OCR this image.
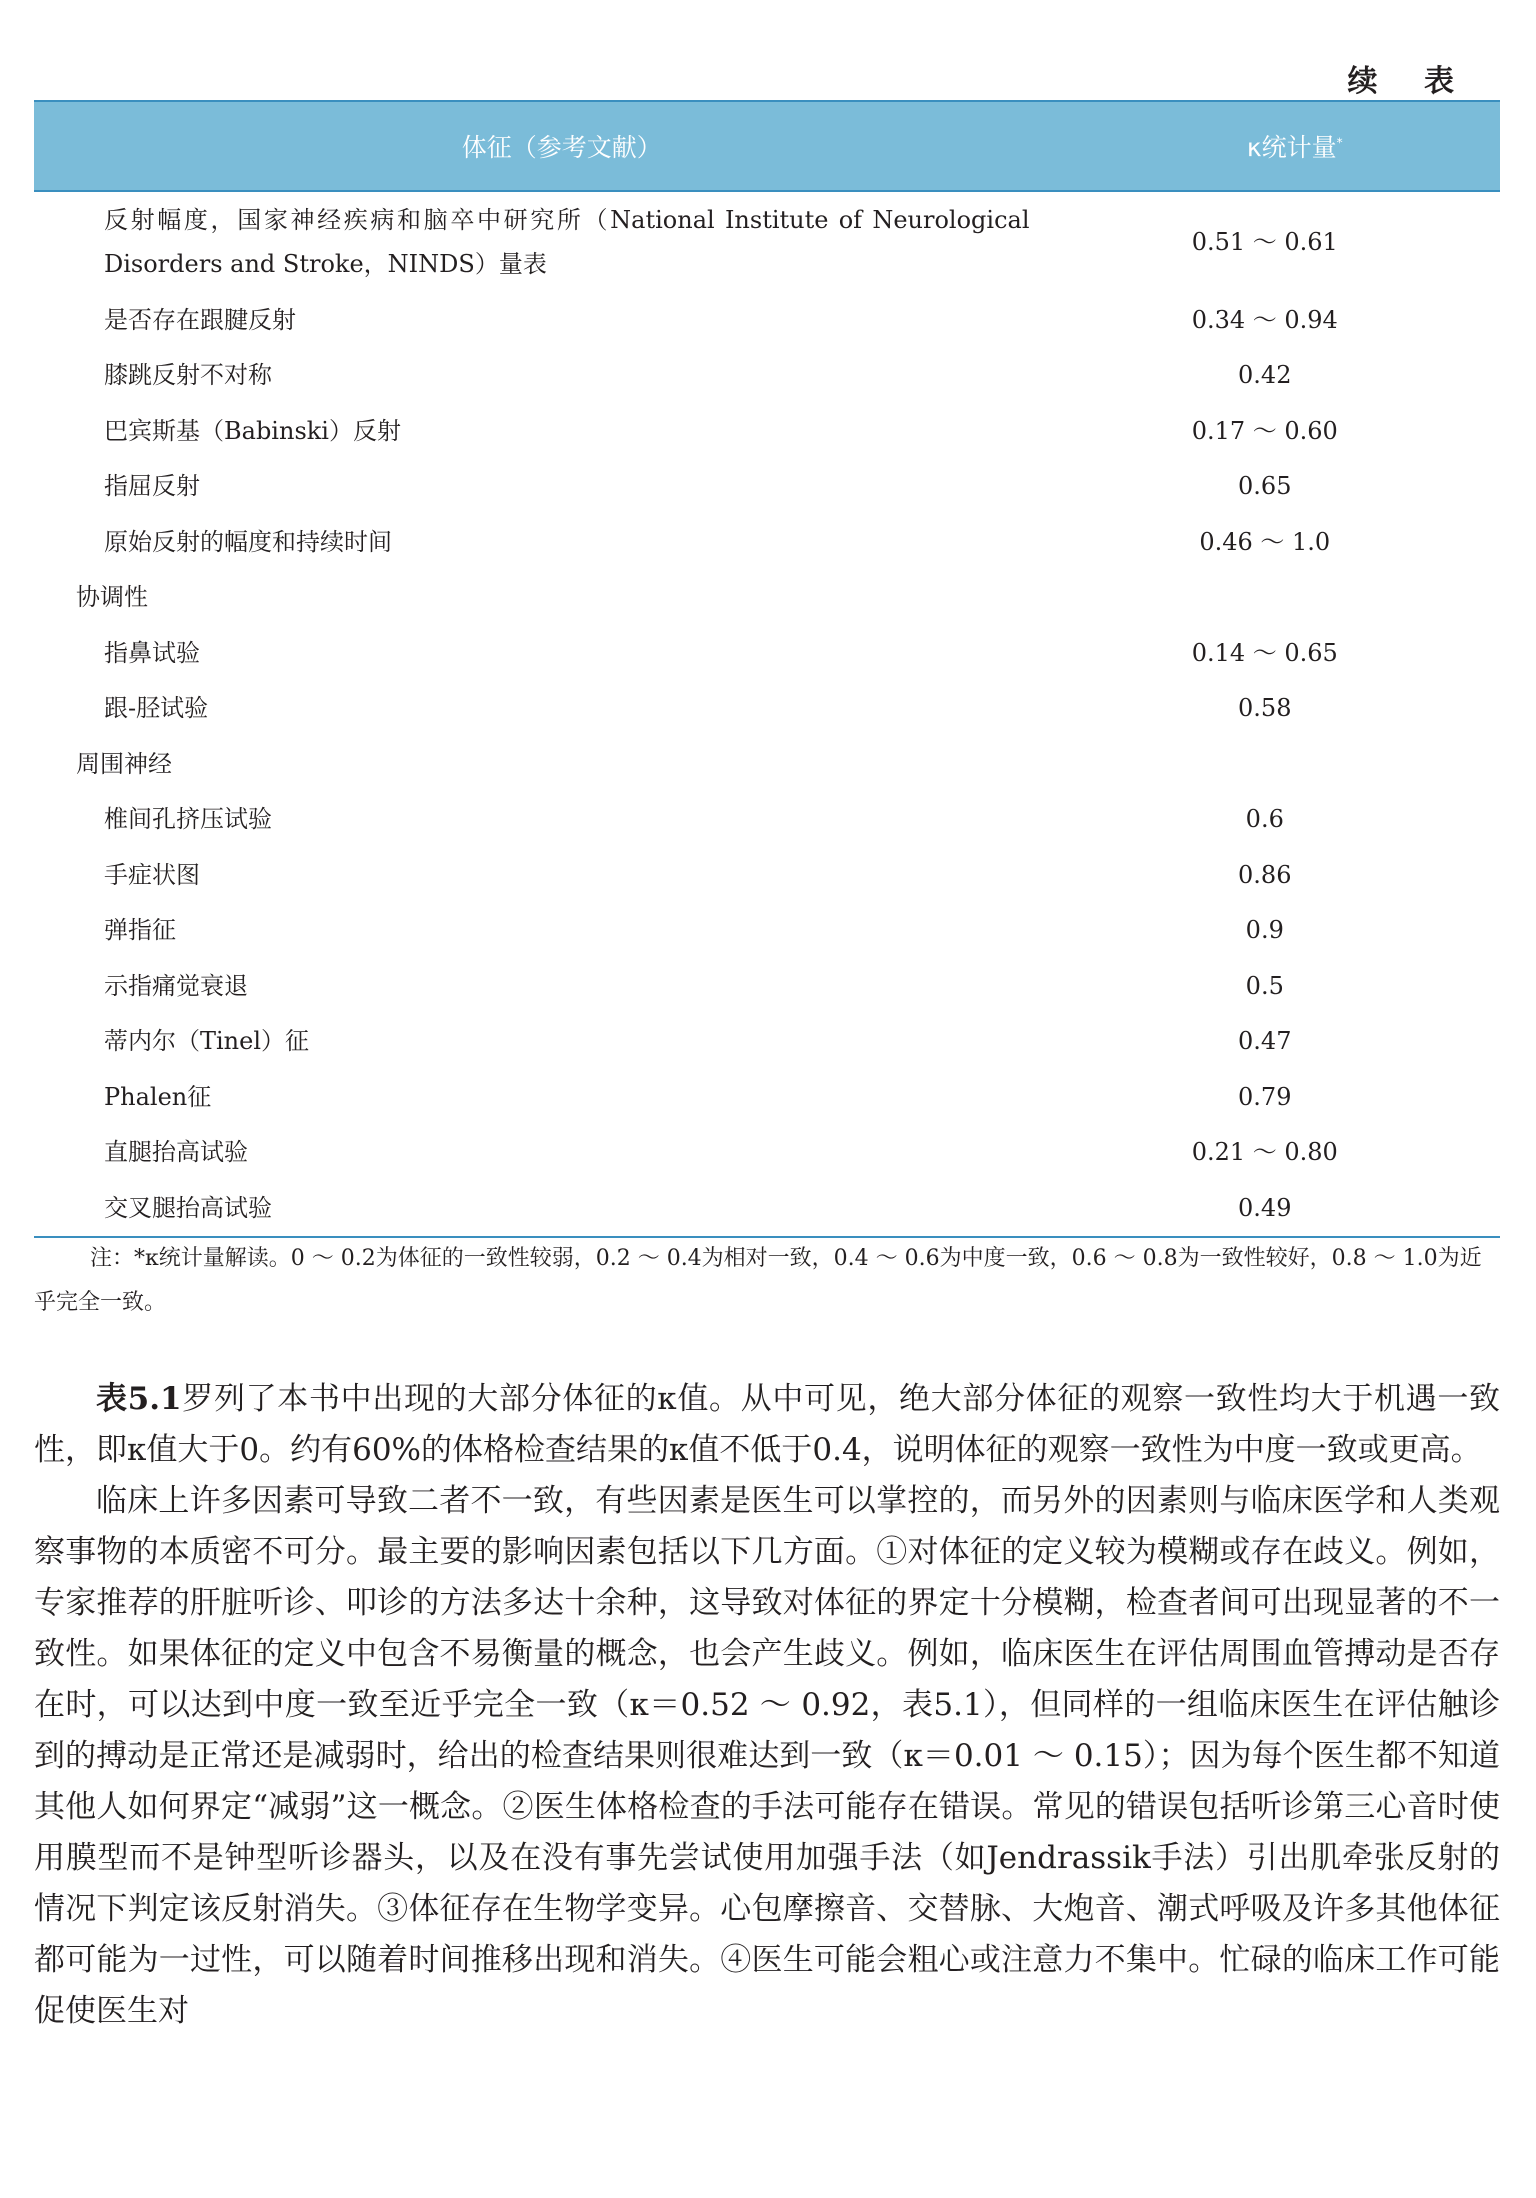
续 表
体征（参考文献）	κ统计量*
反射幅度，国家神经疾病和脑卒中研究所（National Institute of Neurological Disorders and Stroke，NINDS）量表	0.51 ～ 0.61
是否存在跟腱反射	0.34 ～ 0.94
膝跳反射不对称	0.42
巴宾斯基（Babinski）反射	0.17 ～ 0.60
指屈反射	0.65
原始反射的幅度和持续时间	0.46 ～ 1.0
协调性	
指鼻试验	0.14 ～ 0.65
跟-胫试验	0.58
周围神经	
椎间孔挤压试验	0.6
手症状图	0.86
弹指征	0.9
示指痛觉衰退	0.5
蒂内尔（Tinel）征	0.47
Phalen征	0.79
直腿抬高试验	0.21 ～ 0.80
交叉腿抬高试验	0.49
注：*κ统计量解读。0 ～ 0.2为体征的一致性较弱，0.2 ～ 0.4为相对一致，0.4 ～ 0.6为中度一致，0.6 ～ 0.8为一致性较好，0.8 ～ 1.0为近乎完全一致。

表5.1罗列了本书中出现的大部分体征的κ值。从中可见，绝大部分体征的观察一致性均大于机遇一致性，即κ值大于0。约有60%的体格检查结果的κ值不低于0.4，说明体征的观察一致性为中度一致或更高。

临床上许多因素可导致二者不一致，有些因素是医生可以掌控的，而另外的因素则与临床医学和人类观察事物的本质密不可分。最主要的影响因素包括以下几方面。①对体征的定义较为模糊或存在歧义。例如，专家推荐的肝脏听诊、叩诊的方法多达十余种，这导致对体征的界定十分模糊，检查者间可出现显著的不一致性。如果体征的定义中包含不易衡量的概念，也会产生歧义。例如，临床医生在评估周围血管搏动是否存在时，可以达到中度一致至近乎完全一致（κ＝0.52 ～ 0.92，表5.1），但同样的一组临床医生在评估触诊到的搏动是正常还是减弱时，给出的检查结果则很难达到一致（κ＝0.01 ～ 0.15）；因为每个医生都不知道其他人如何界定“减弱”这一概念。②医生体格检查的手法可能存在错误。常见的错误包括听诊第三心音时使用膜型而不是钟型听诊器头，以及在没有事先尝试使用加强手法（如Jendrassik手法）引出肌牵张反射的情况下判定该反射消失。③体征存在生物学变异。心包摩擦音、交替脉、大炮音、潮式呼吸及许多其他体征都可能为一过性，可以随着时间推移出现和消失。④医生可能会粗心或注意力不集中。忙碌的临床工作可能促使医生对
